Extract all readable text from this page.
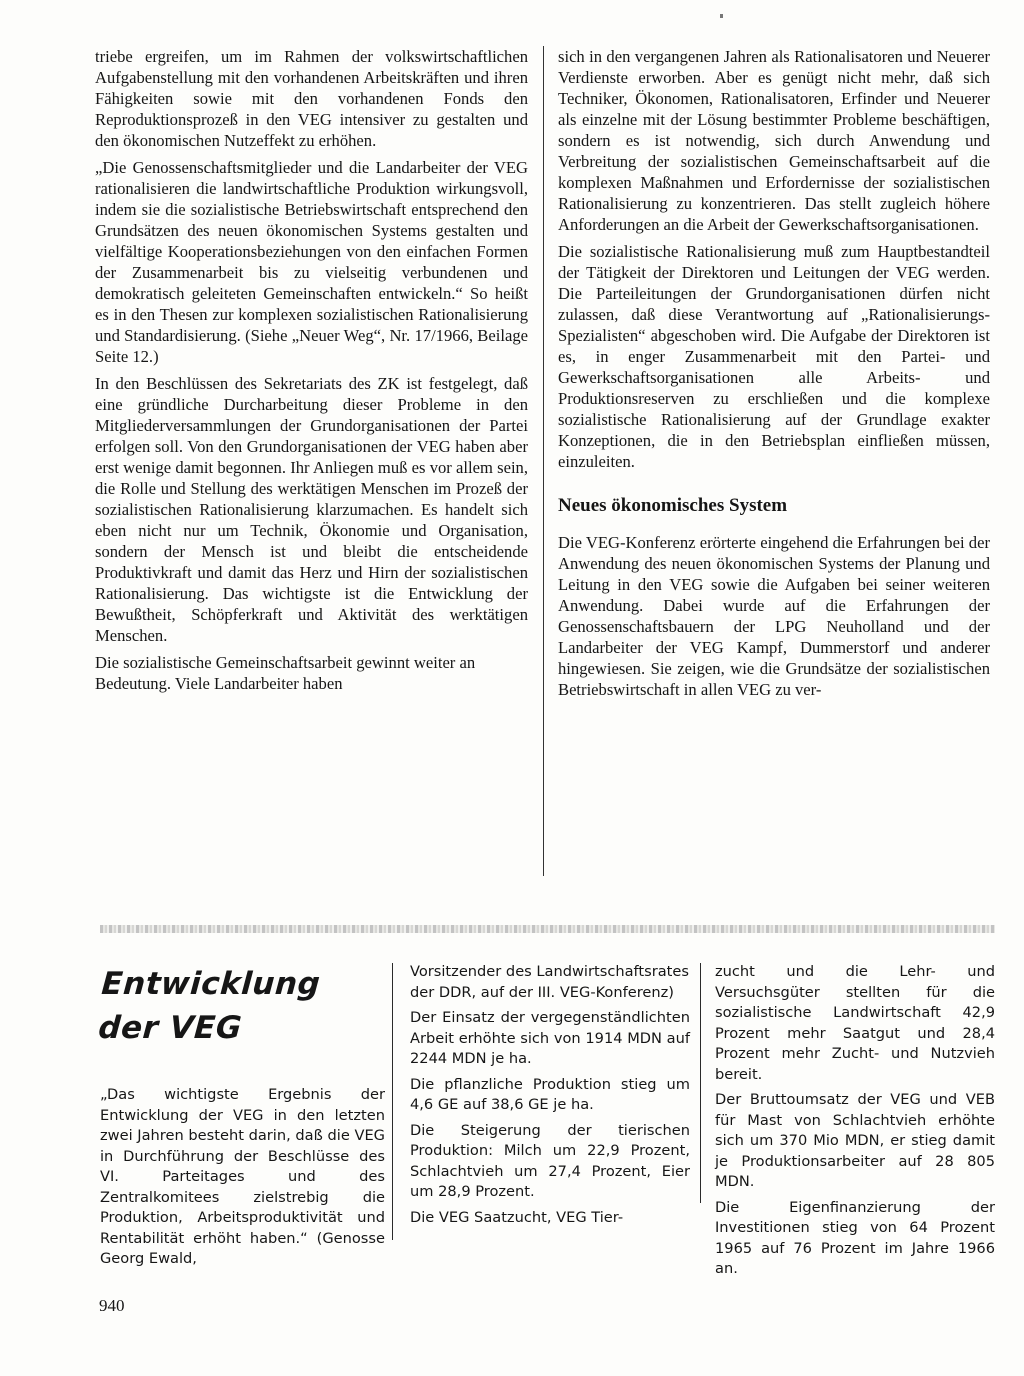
triebe ergreifen, um im Rahmen der volkswirtschaftlichen Aufgabenstellung mit den vorhandenen Arbeitskräften und ihren Fähigkeiten sowie mit den vorhandenen Fonds den Reproduktionsprozeß in den VEG intensiver zu gestalten und den ökonomischen Nutzeffekt zu erhöhen.

„Die Genossenschaftsmitglieder und die Landarbeiter der VEG rationalisieren die landwirtschaftliche Produktion wirkungsvoll, indem sie die sozialistische Betriebswirtschaft entsprechend den Grundsätzen des neuen ökonomischen Systems gestalten und vielfältige Kooperationsbeziehungen von den einfachen Formen der Zusammenarbeit bis zu vielseitig verbundenen und demokratisch geleiteten Gemeinschaften entwickeln.“ So heißt es in den Thesen zur komplexen sozialistischen Rationalisierung und Standardisierung. (Siehe „Neuer Weg“, Nr. 17/1966, Beilage Seite 12.)

In den Beschlüssen des Sekretariats des ZK ist festgelegt, daß eine gründliche Durcharbeitung dieser Probleme in den Mitgliederversammlungen der Grundorganisationen der Partei erfolgen soll. Von den Grundorganisationen der VEG haben aber erst wenige damit begonnen. Ihr Anliegen muß es vor allem sein, die Rolle und Stellung des werktätigen Menschen im Prozeß der sozialistischen Rationalisierung klarzumachen. Es handelt sich eben nicht nur um Technik, Ökonomie und Organisation, sondern der Mensch ist und bleibt die entscheidende Produktivkraft und damit das Herz und Hirn der sozialistischen Rationalisierung. Das wichtigste ist die Entwicklung der Bewußtheit, Schöpferkraft und Aktivität des werktätigen Menschen.

Die sozialistische Gemeinschaftsarbeit gewinnt weiter an Bedeutung. Viele Landarbeiter haben

sich in den vergangenen Jahren als Rationalisatoren und Neuerer Verdienste erworben. Aber es genügt nicht mehr, daß sich Techniker, Ökonomen, Rationalisatoren, Erfinder und Neuerer als einzelne mit der Lösung bestimmter Probleme beschäftigen, sondern es ist notwendig, sich durch Anwendung und Verbreitung der sozialistischen Gemeinschaftsarbeit auf die komplexen Maßnahmen und Erfordernisse der sozialistischen Rationalisierung zu konzentrieren. Das stellt zugleich höhere Anforderungen an die Arbeit der Gewerkschaftsorganisationen.

Die sozialistische Rationalisierung muß zum Hauptbestandteil der Tätigkeit der Direktoren und Leitungen der VEG werden. Die Parteileitungen der Grundorganisationen dürfen nicht zulassen, daß diese Verantwortung auf „Rationalisierungs-Spezialisten“ abgeschoben wird. Die Aufgabe der Direktoren ist es, in enger Zusammenarbeit mit den Partei- und Gewerkschaftsorganisationen alle Arbeits- und Produktionsreserven zu erschließen und die komplexe sozialistische Rationalisierung auf der Grundlage exakter Konzeptionen, die in den Betriebsplan einfließen müssen, einzuleiten.

Neues ökonomisches System

Die VEG-Konferenz erörterte eingehend die Erfahrungen bei der Anwendung des neuen ökonomischen Systems der Planung und Leitung in den VEG sowie die Aufgaben bei seiner weiteren Anwendung. Dabei wurde auf die Erfahrungen der Genossenschaftsbauern der LPG Neuholland und der Landarbeiter der VEG Kampf, Dummerstorf und anderer hingewiesen. Sie zeigen, wie die Grundsätze der sozialistischen Betriebswirtschaft in allen VEG zu ver-

Entwicklung
der VEG

„Das wichtigste Ergebnis der Entwicklung der VEG in den letzten zwei Jahren besteht darin, daß die VEG in Durchführung der Beschlüsse des VI. Parteitages und des Zentralkomitees zielstrebig die Produktion, Arbeitsproduktivität und Rentabilität erhöht haben.“ (Genosse Georg Ewald,

Vorsitzender des Landwirtschaftsrates der DDR, auf der III. VEG-Konferenz)

Der Einsatz der vergegenständlichten Arbeit erhöhte sich von 1914 MDN auf 2244 MDN je ha.

Die pflanzliche Produktion stieg um 4,6 GE auf 38,6 GE je ha.

Die Steigerung der tierischen Produktion: Milch um 22,9 Prozent, Schlachtvieh um 27,4 Prozent, Eier um 28,9 Prozent.

Die VEG Saatzucht, VEG Tier-

zucht und die Lehr- und Versuchsgüter stellten für die sozialistische Landwirtschaft 42,9 Prozent mehr Saatgut und 28,4 Prozent mehr Zucht- und Nutzvieh bereit.

Der Bruttoumsatz der VEG und VEB für Mast von Schlachtvieh erhöhte sich um 370 Mio MDN, er stieg damit je Produktionsarbeiter auf 28 805 MDN.

Die Eigenfinanzierung der Investitionen stieg von 64 Prozent 1965 auf 76 Prozent im Jahre 1966 an.

940
